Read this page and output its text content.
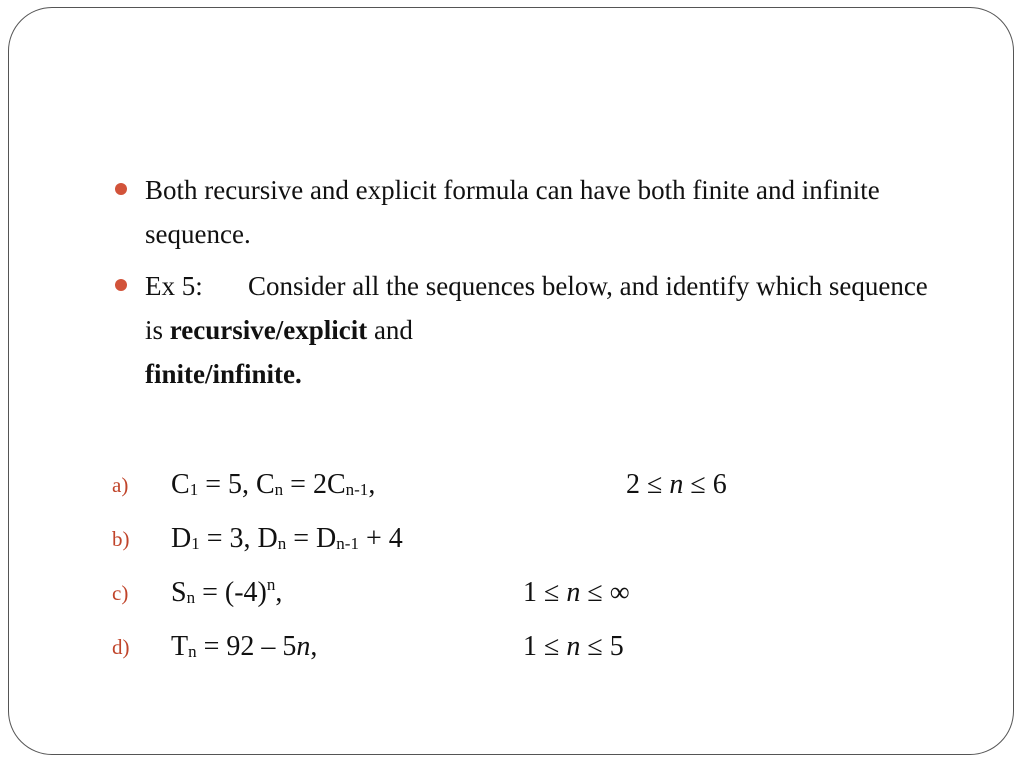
Both recursive and explicit formula can have both finite and infinite sequence.
Ex 5: Consider all the sequences below, and identify which sequence is recursive/explicit and
finite/infinite.
a) $C_1 = 5$, $C_n = 2C_{n-1}$,	2 ≤ n ≤ 6
b) $D_1 = 3$, $D_n = D_{n-1} + 4$
c) $S_n = (-4)^n$,	1 ≤ n ≤ ∞
d) $T_n = 92 - 5n$,	1 ≤ n ≤ 5
